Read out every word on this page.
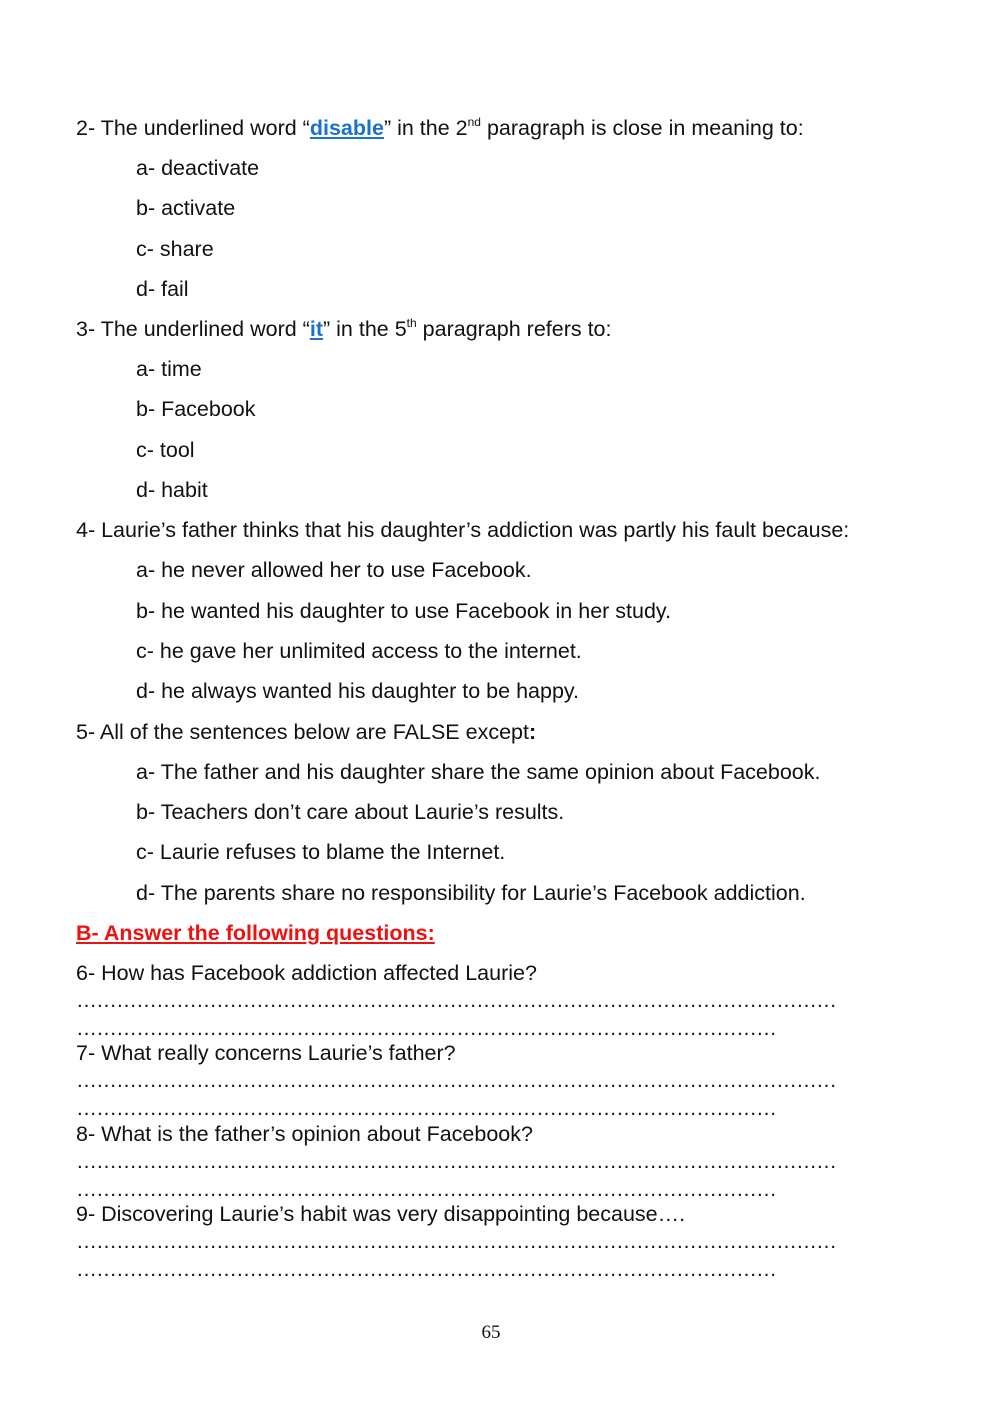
2- The underlined word “disable” in the 2nd paragraph is close in meaning to:
a- deactivate
b- activate
c- share
d- fail
3- The underlined word “it” in the 5th paragraph refers to:
a- time
b- Facebook
c- tool
d- habit
4- Laurie’s father thinks that his daughter’s addiction was partly his fault because:
a- he never allowed her to use Facebook.
b- he wanted his daughter to use Facebook in her study.
c- he gave her unlimited access to the internet.
d- he always wanted his daughter to be happy.
5- All of the sentences below are FALSE except:
a- The father and his daughter share the same opinion about Facebook.
b- Teachers don’t care about Laurie’s results.
c- Laurie refuses to blame the Internet.
d- The parents share no responsibility for Laurie’s Facebook addiction.
B- Answer the following questions:
6- How has Facebook addiction affected Laurie?
……………………………………………………………………………………………………
……………………………………………………………………………………………
7- What really concerns Laurie’s father?
……………………………………………………………………………………………………
……………………………………………………………………………………………
8- What is the father’s opinion about Facebook?
……………………………………………………………………………………………………
……………………………………………………………………………………………
9- Discovering Laurie’s habit was very disappointing because….
……………………………………………………………………………………………………
……………………………………………………………………………………………
65
